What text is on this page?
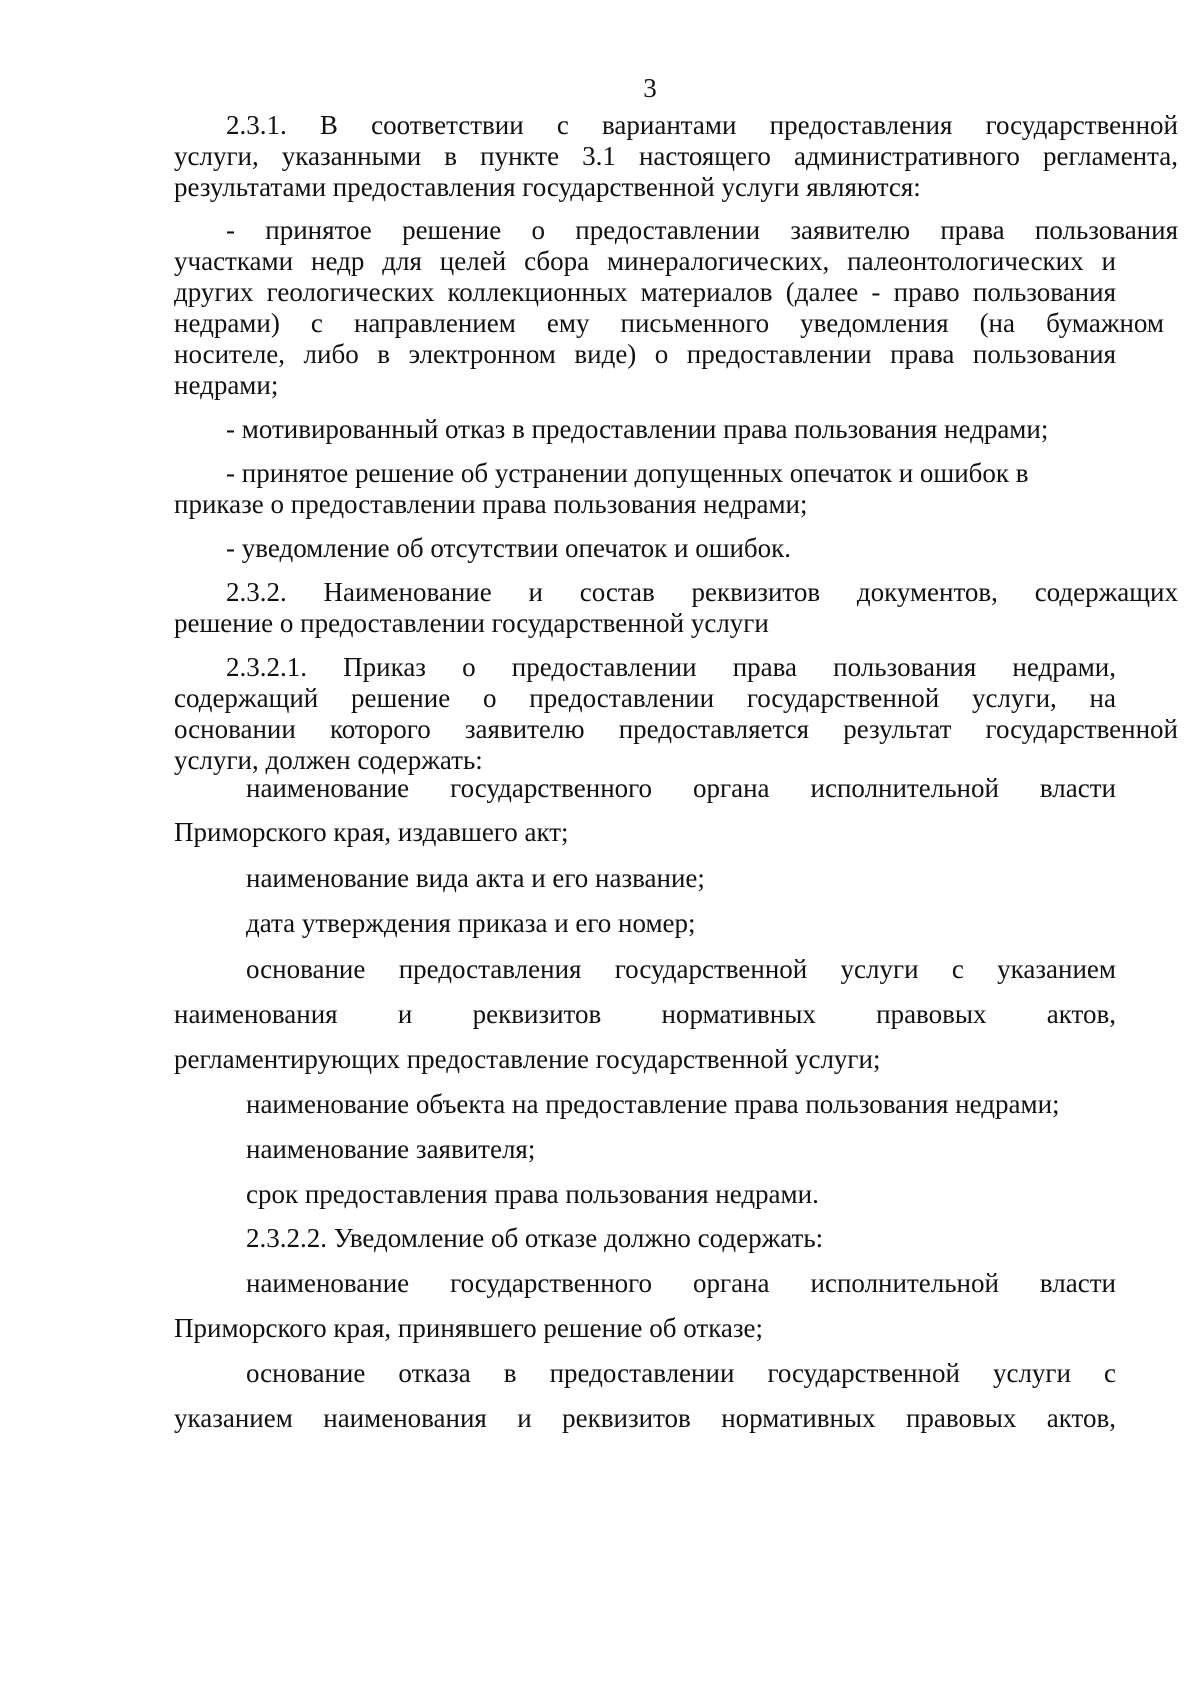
3
2.3.1. В соответствии с вариантами предоставления государственной
услуги, указанными в пункте 3.1 настоящего административного регламента,
результатами предоставления государственной услуги являются:
- принятое решение о предоставлении заявителю права пользования
участками недр для целей сбора минералогических, палеонтологических и
других геологических коллекционных материалов (далее - право пользования
недрами) с направлением ему письменного уведомления (на бумажном
носителе, либо в электронном виде) о предоставлении права пользования
недрами;
- мотивированный отказ в предоставлении права пользования недрами;
- принятое решение об устранении допущенных опечаток и ошибок в
приказе о предоставлении права пользования недрами;
- уведомление об отсутствии опечаток и ошибок.
2.3.2. Наименование и состав реквизитов документов, содержащих
решение о предоставлении государственной услуги
2.3.2.1. Приказ о предоставлении права пользования недрами,
содержащий решение о предоставлении государственной услуги, на
основании которого заявителю предоставляется результат государственной
услуги, должен содержать:
наименование государственного органа исполнительной власти
Приморского края, издавшего акт;
наименование вида акта и его название;
дата утверждения приказа и его номер;
основание предоставления государственной услуги с указанием
наименования и реквизитов нормативных правовых актов,
регламентирующих предоставление государственной услуги;
наименование объекта на предоставление права пользования недрами;
наименование заявителя;
срок предоставления права пользования недрами.
2.3.2.2. Уведомление об отказе должно содержать:
наименование государственного органа исполнительной власти
Приморского края, принявшего решение об отказе;
основание отказа в предоставлении государственной услуги с
указанием наименования и реквизитов нормативных правовых актов,
